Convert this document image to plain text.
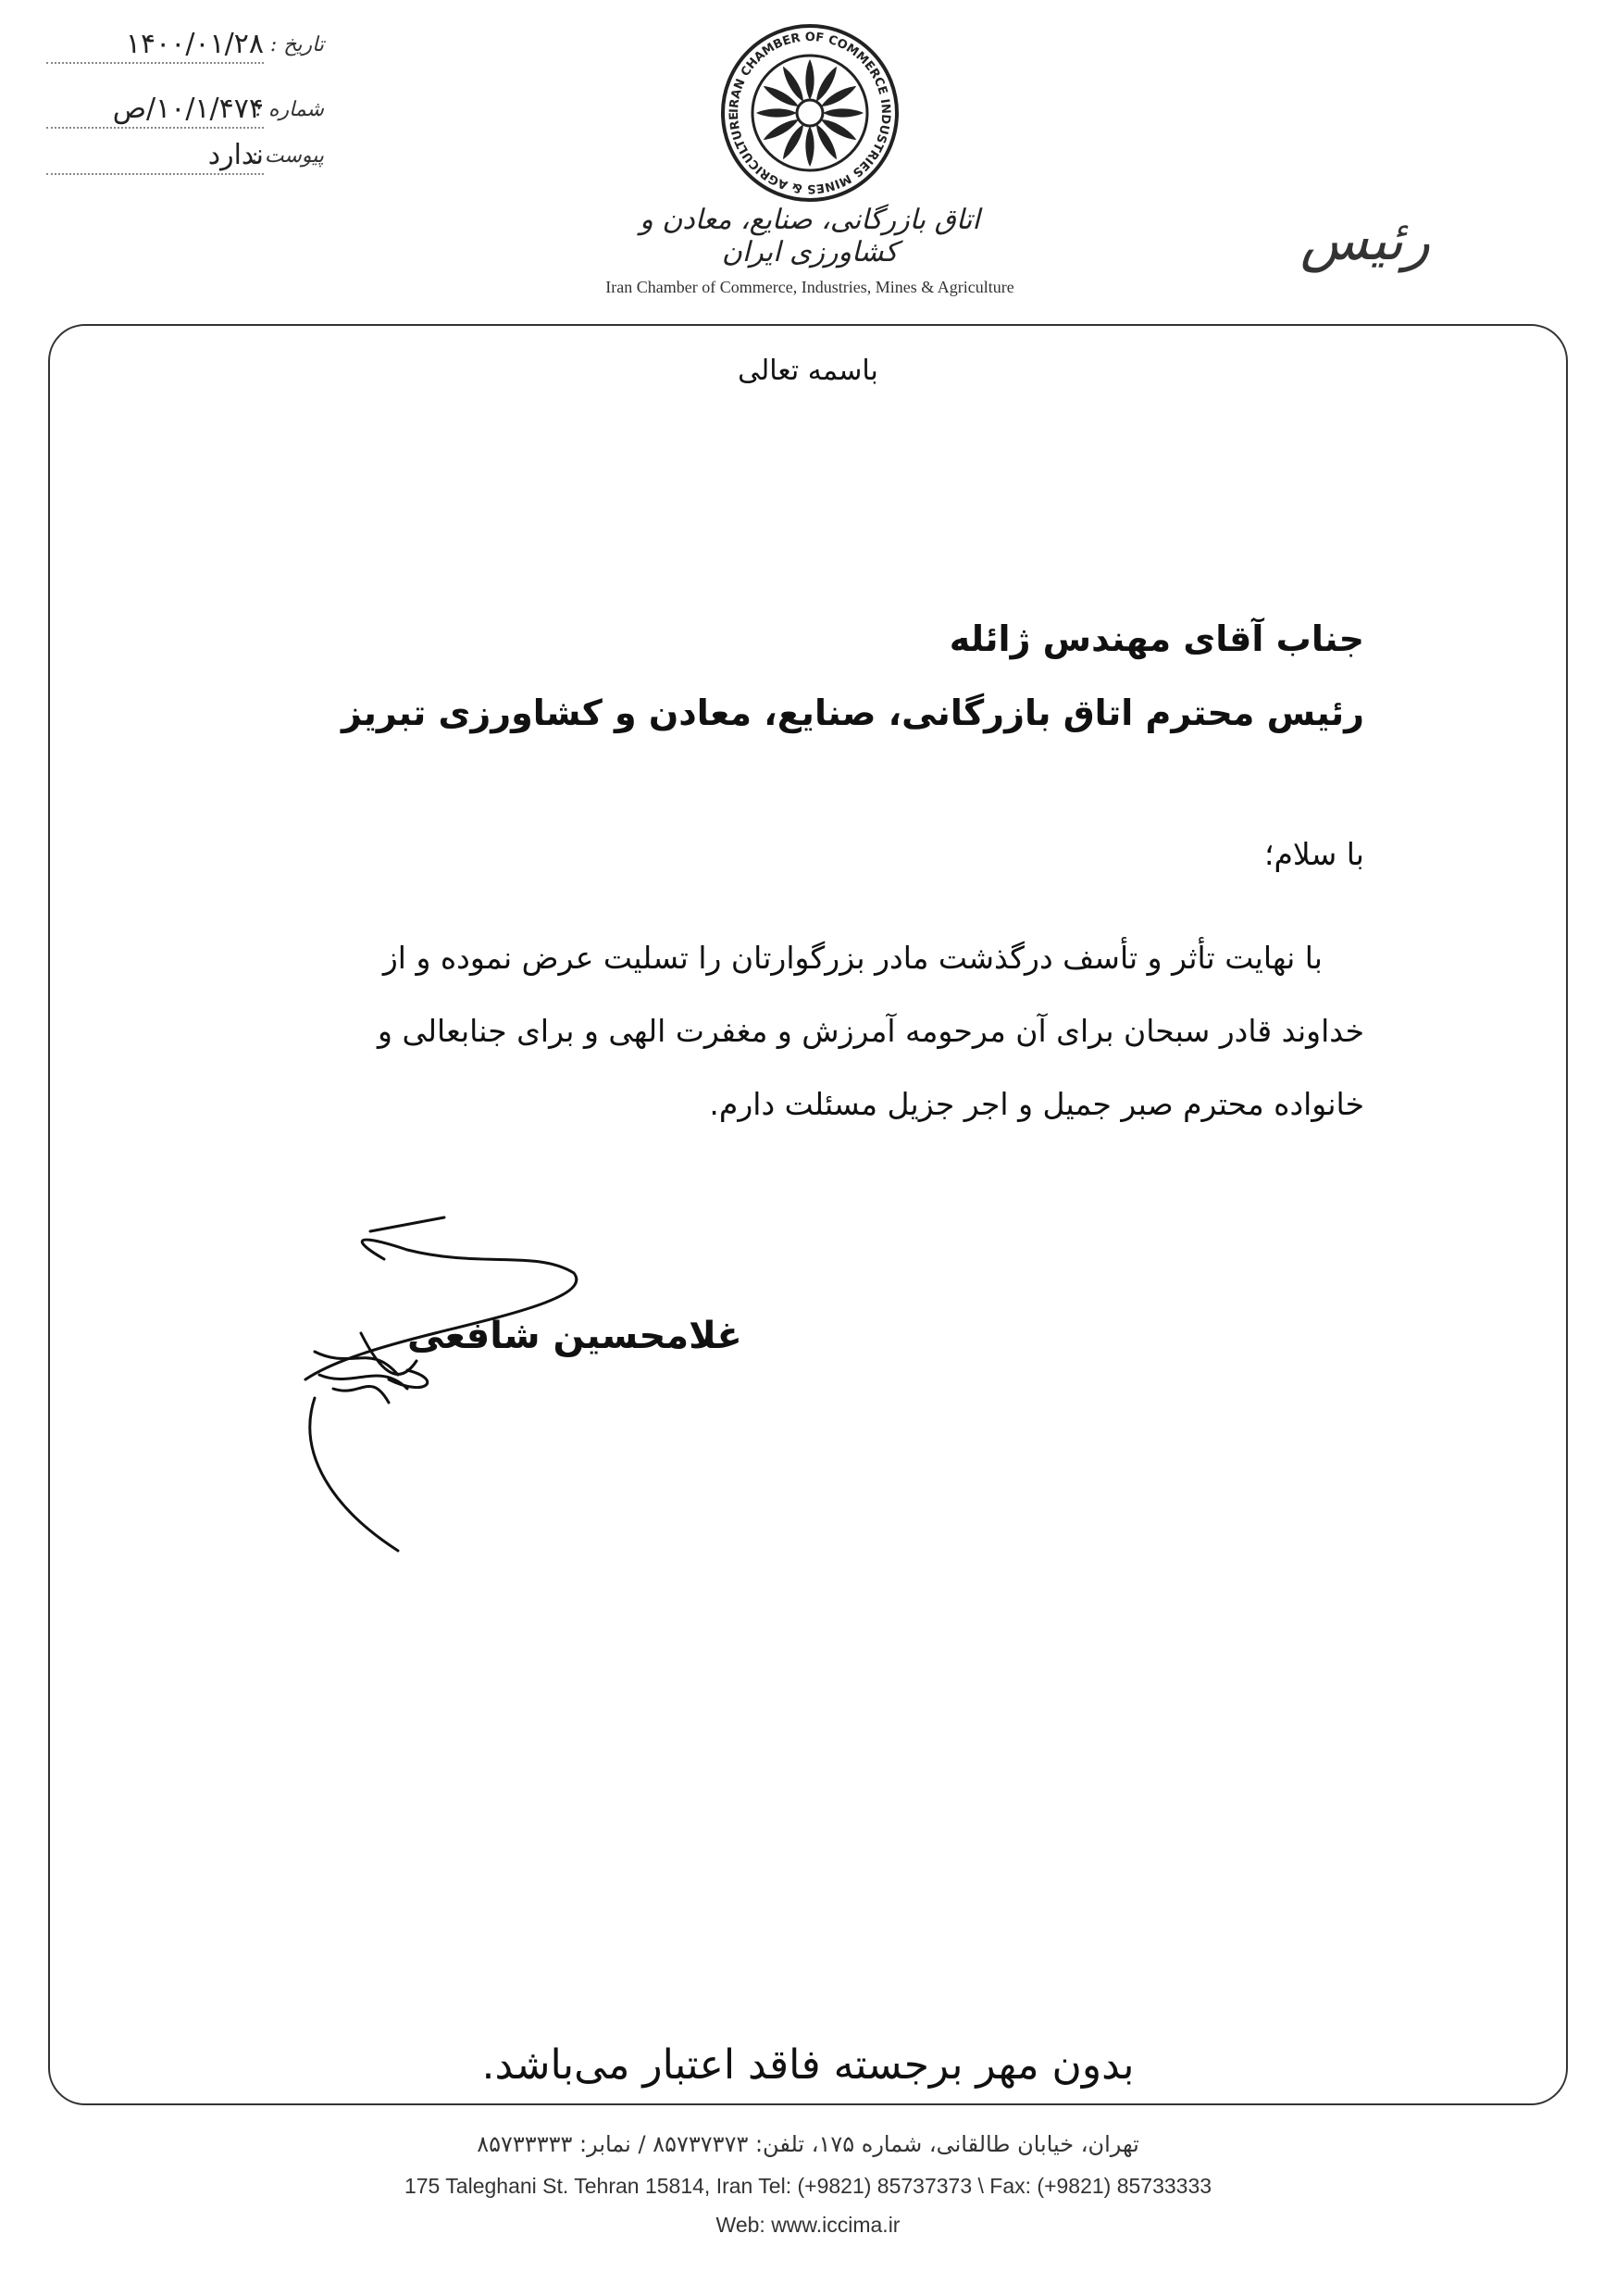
۱۴۰۰/۰۱/۲۸ تاریخ :
۱۰/۱/۴۷۴/ص
شماره :
ندارد
پیوست :
IRAN CHAMBER OF COMMERCE INDUSTRIES MINES & AGRICULTURE
اتاق بازرگانی، صنایع، معادن و کشاورزی ایران
Iran Chamber of Commerce, Industries, Mines & Agriculture
رئیس
باسمه تعالی
جناب آقای مهندس ژائله
رئیس محترم اتاق بازرگانی، صنایع، معادن و کشاورزی تبریز
با سلام؛
با نهایت تأثر و تأسف درگذشت مادر بزرگوارتان را تسلیت عرض نموده و از
خداوند قادر سبحان برای آن مرحومه آمرزش و مغفرت الهی و برای جنابعالی و
خانواده محترم صبر جمیل و اجر جزیل مسئلت دارم.
غلامحسین شافعی
بدون مهر برجسته فاقد اعتبار می‌باشد.
تهران، خیابان طالقانی، شماره ۱۷۵، تلفن: ۸۵۷۳۷۳۷۳ / نمابر: ۸۵۷۳۳۳۳۳
175 Taleghani St. Tehran 15814, Iran Tel: (+9821) 85737373 \ Fax: (+9821) 85733333
Web: www.iccima.ir
